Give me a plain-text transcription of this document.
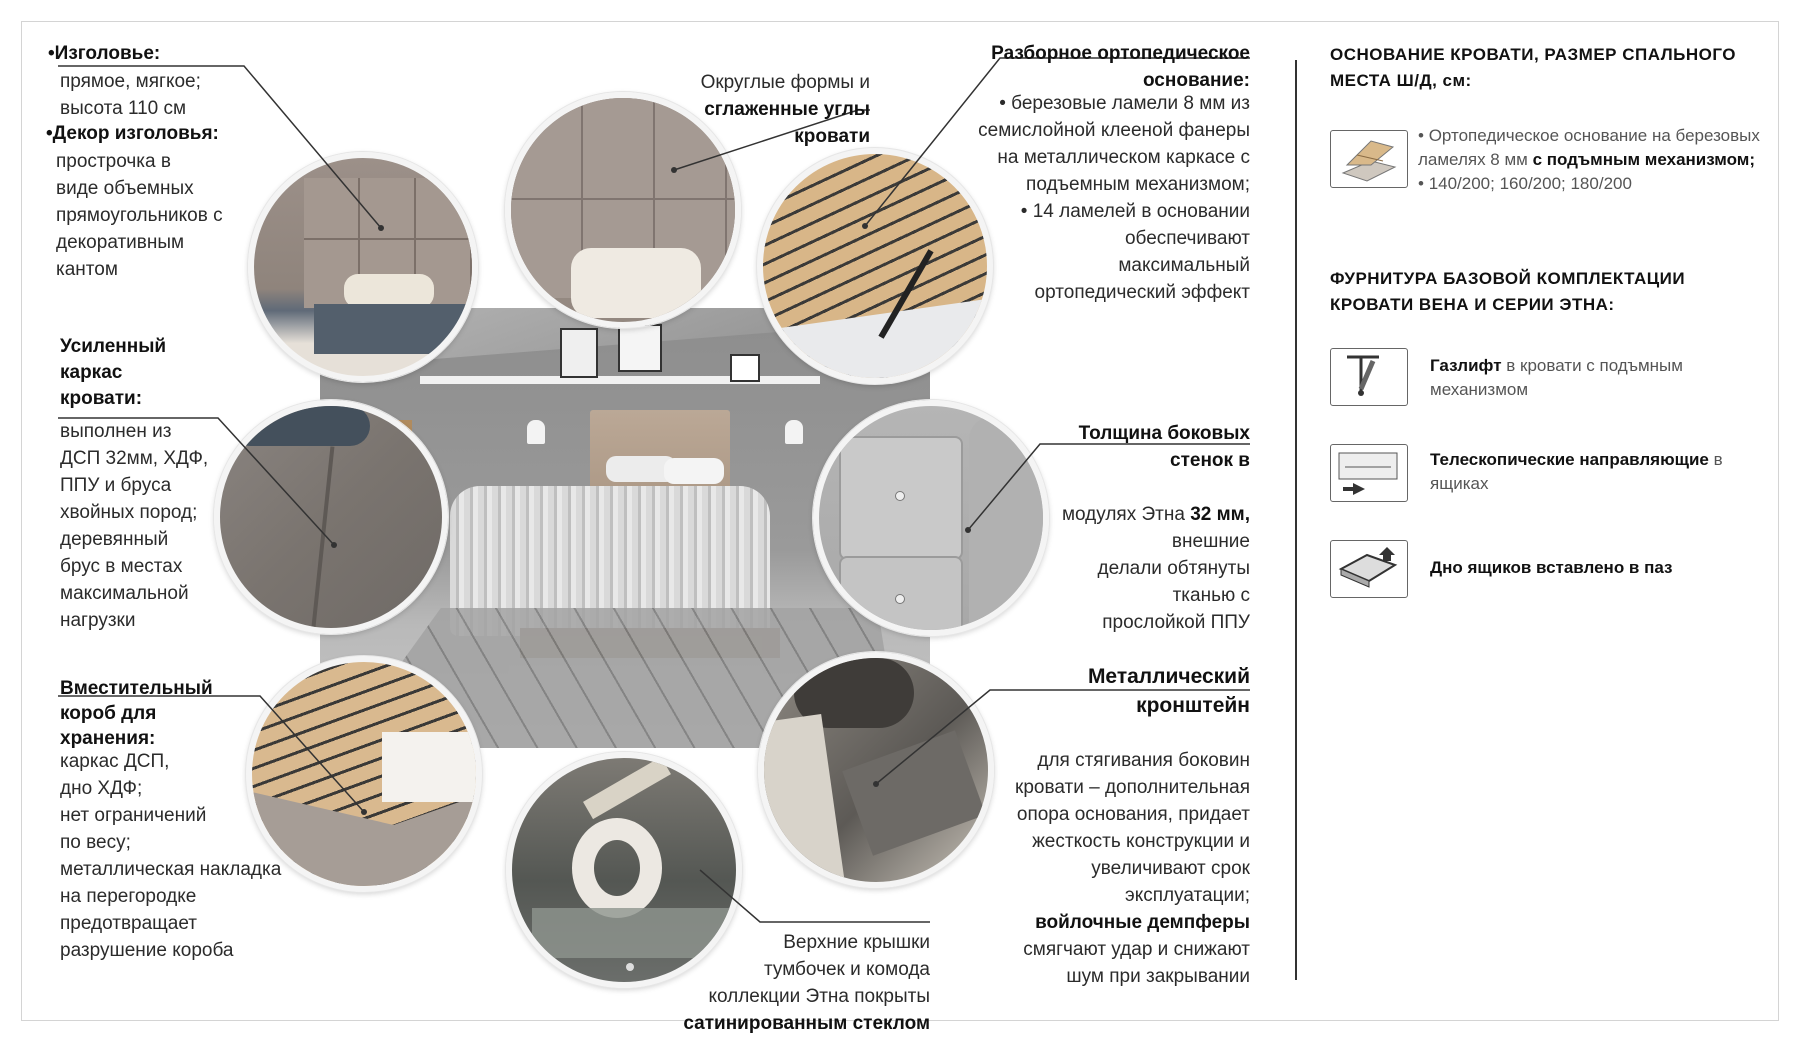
• Изголовье:
прямое, мягкое;
высота 110 см
• Декор изголовья:
прострочка в
виде объемных
прямоугольников с
декоративным
кантом
Усиленный
каркас
кровати:
выполнен из
ДСП 32мм, ХДФ,
ППУ и бруса
хвойных пород;
деревянный
брус в местах
максимальной
нагрузки
Вместительный
короб для
хранения:
каркас ДСП,
дно ХДФ;
нет ограничений
по весу;
металлическая накладка
на перегородке
предотвращает
разрушение короба

Округлые формы и
сглаженные углы
кровати

Верхние крышки
тумбочек и комода
коллекции Этна покрыты
сатинированным стеклом

Разборное ортопедическое
основание:
• березовые ламели 8 мм из
семислойной клееной фанеры
на металлическом каркасе с
подъемным механизмом;
• 14 ламелей в основании
обеспечивают
максимальный
ортопедический эффект
Толщина боковых
стенок в

модулях Этна 32 мм,
внешние
делали обтянуты
тканью с
прослойкой ППУ

Металлический
кронштейн

для стягивания боковин
кровати – дополнительная
опора основания, придает
жесткость конструкции и
увеличивают срок
эксплуатации;
войлочные демпферы
смягчают удар и снижают
шум при закрывании

ОСНОВАНИЕ КРОВАТИ, РАЗМЕР СПАЛЬНОГО
МЕСТА Ш/Д, см:
• Ортопедическое основание на березовых
ламелях 8 мм с подъмным механизмом;
• 140/200; 160/200; 180/200
ФУРНИТУРА БАЗОВОЙ КОМПЛЕКТАЦИИ
КРОВАТИ ВЕНА И СЕРИИ ЭТНА:
Газлифт в кровати с подъмным
механизмом
Телескопические направляющие в
ящиках
Дно ящиков вставлено в паз
